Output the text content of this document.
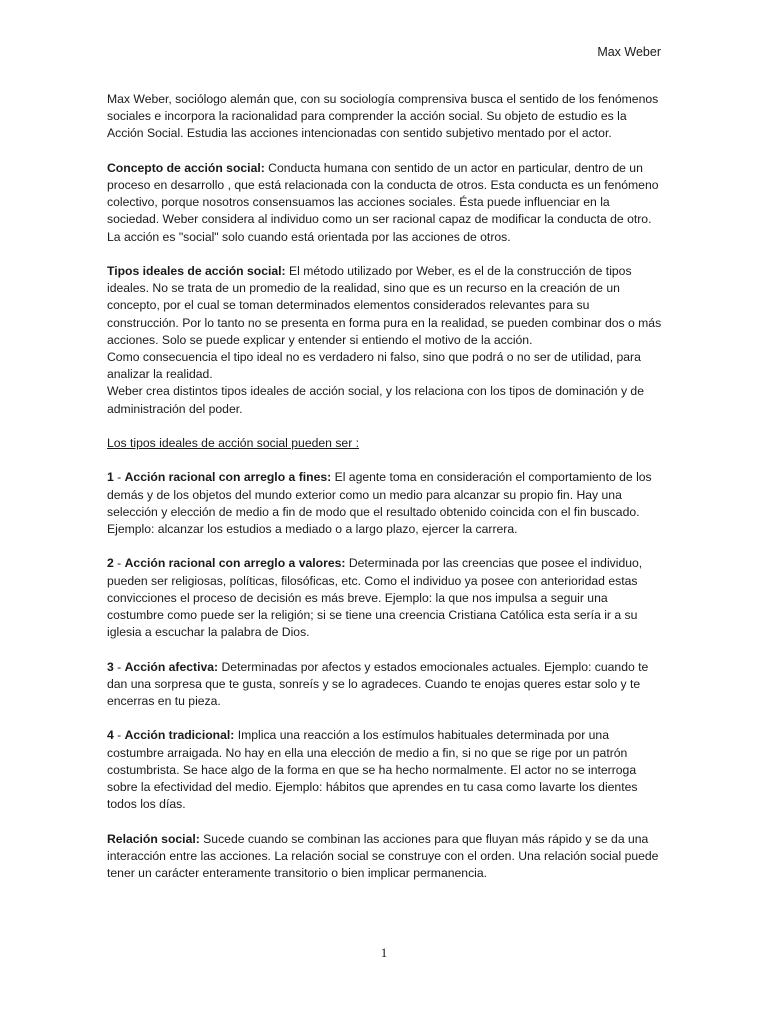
Max Weber

Max Weber, sociólogo alemán que, con su sociología comprensiva busca el sentido de los fenómenos sociales e incorpora la racionalidad para comprender la acción social. Su objeto de estudio es la Acción Social. Estudia las acciones intencionadas con sentido subjetivo mentado por el actor.

Concepto de acción social: Conducta humana con sentido de un actor en particular, dentro de un proceso en desarrollo , que está relacionada con la conducta de otros. Esta conducta es un fenómeno colectivo, porque nosotros consensuamos las acciones sociales. Ésta puede influenciar en la sociedad. Weber considera al individuo como un ser racional capaz de modificar la conducta de otro. La acción es "social" solo cuando está orientada por las acciones de otros.

Tipos ideales de acción social: El método utilizado por Weber, es el de la construcción de tipos ideales. No se trata de un promedio de la realidad, sino que es un recurso en la creación de un concepto, por el cual se toman determinados elementos considerados relevantes para su construcción. Por lo tanto no se presenta en forma pura en la realidad, se pueden combinar dos o más acciones. Solo se puede explicar y entender si entiendo el motivo de la acción.

Como consecuencia el tipo ideal no es verdadero ni falso, sino que podrá o no ser de utilidad, para analizar la realidad.

Weber crea distintos tipos ideales de acción social, y los relaciona con los tipos de dominación y de administración del poder.

Los tipos ideales de acción social pueden ser :

1 - Acción racional con arreglo a fines: El agente toma en consideración el comportamiento de los demás y de los objetos del mundo exterior como un medio para alcanzar su propio fin. Hay una selección y elección de medio a fin de modo que el resultado obtenido coincida con el fin buscado. Ejemplo: alcanzar los estudios a mediado o a largo plazo, ejercer la carrera.

2 - Acción racional con arreglo a valores: Determinada por las creencias que posee el individuo, pueden ser religiosas, políticas, filosóficas, etc. Como el individuo ya posee con anterioridad estas convicciones el proceso de decisión es más breve. Ejemplo: la que nos impulsa a seguir una costumbre como puede ser la religión; si se tiene una creencia Cristiana Católica esta sería ir a su iglesia a escuchar la palabra de Dios.

3 - Acción afectiva: Determinadas por afectos y estados emocionales actuales. Ejemplo: cuando te dan una sorpresa que te gusta, sonreís y se lo agradeces. Cuando te enojas queres estar solo y te encerras en tu pieza.

4 - Acción tradicional: Implica una reacción a los estímulos habituales determinada por una costumbre arraigada. No hay en ella una elección de medio a fin, si no que se rige por un patrón costumbrista. Se hace algo de la forma en que se ha hecho normalmente. El actor no se interroga sobre la efectividad del medio. Ejemplo: hábitos que aprendes en tu casa como lavarte los dientes todos los días.

Relación social: Sucede cuando se combinan las acciones para que fluyan más rápido y se da una interacción entre las acciones. La relación social se construye con el orden. Una relación social puede tener un carácter enteramente transitorio o bien implicar permanencia.

1
